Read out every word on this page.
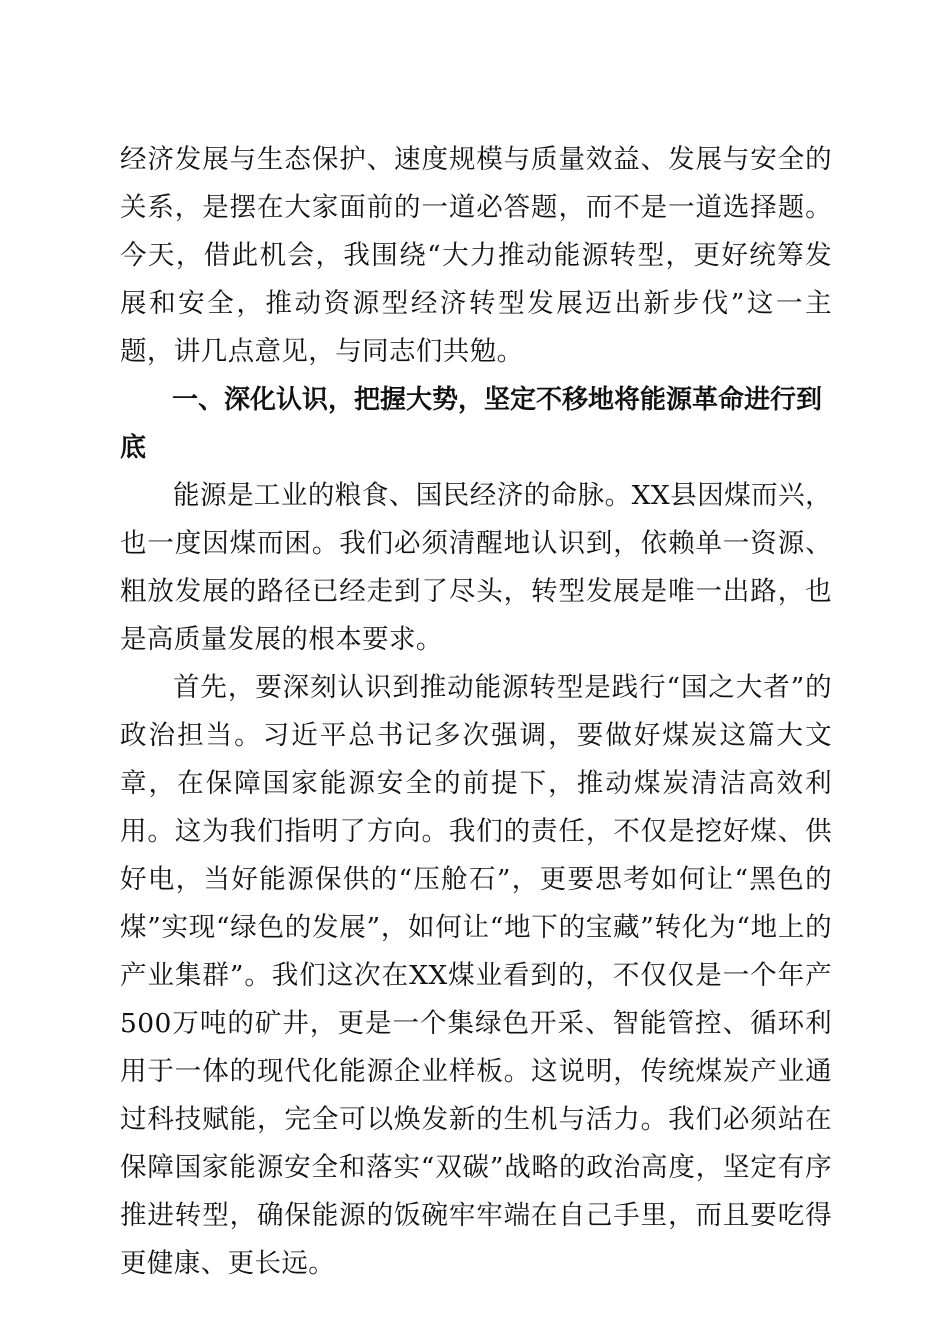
经济发展与生态保护、速度规模与质量效益、发展与安全的关系，是摆在大家面前的一道必答题，而不是一道选择题。今天，借此机会，我围绕“大力推动能源转型，更好统筹发展和安全，推动资源型经济转型发展迈出新步伐”这一主题，讲几点意见，与同志们共勉。

一、深化认识，把握大势，坚定不移地将能源革命进行到底

能源是工业的粮食、国民经济的命脉。XX县因煤而兴，也一度因煤而困。我们必须清醒地认识到，依赖单一资源、粗放发展的路径已经走到了尽头，转型发展是唯一出路，也是高质量发展的根本要求。

首先，要深刻认识到推动能源转型是践行“国之大者”的政治担当。习近平总书记多次强调，要做好煤炭这篇大文章，在保障国家能源安全的前提下，推动煤炭清洁高效利用。这为我们指明了方向。我们的责任，不仅是挖好煤、供好电，当好能源保供的“压舱石”，更要思考如何让“黑色的煤”实现“绿色的发展”，如何让“地下的宝藏”转化为“地上的产业集群”。我们这次在XX煤业看到的，不仅仅是一个年产500万吨的矿井，更是一个集绿色开采、智能管控、循环利用于一体的现代化能源企业样板。这说明，传统煤炭产业通过科技赋能，完全可以焕发新的生机与活力。我们必须站在保障国家能源安全和落实“双碳”战略的政治高度，坚定有序推进转型，确保能源的饭碗牢牢端在自己手里，而且要吃得更健康、更长远。
